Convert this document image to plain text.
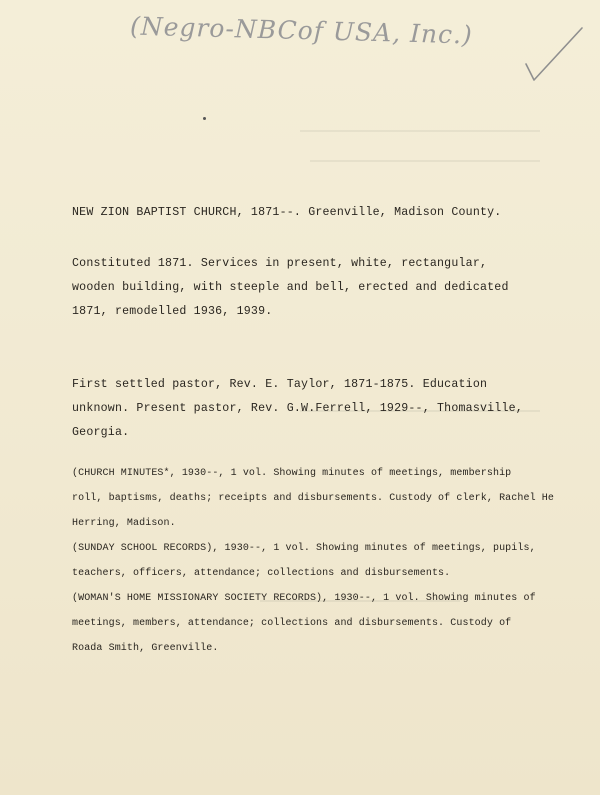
(Negro-NBCof USA, Inc.)
NEW ZION BAPTIST CHURCH, 1871--. Greenville, Madison County.
Constituted 1871. Services in present, white, rectangular,
wooden building, with steeple and bell, erected and dedicated
1871, remodelled 1936, 1939.
First settled pastor, Rev. E. Taylor, 1871-1875. Education
unknown. Present pastor, Rev. G.W.Ferrell, 1929--, Thomasville,
Georgia.
(CHURCH MINUTES*, 1930--, 1 vol. Showing minutes of meetings, membership
roll, baptisms, deaths; receipts and disbursements. Custody of clerk, Rachel He
Herring, Madison.
(SUNDAY SCHOOL RECORDS), 1930--, 1 vol. Showing minutes of meetings, pupils,
teachers, officers, attendance; collections and disbursements.
(WOMAN'S HOME MISSIONARY SOCIETY RECORDS), 1930--, 1 vol. Showing minutes of
meetings, members, attendance; collections and disbursements. Custody of
Roada Smith, Greenville.
